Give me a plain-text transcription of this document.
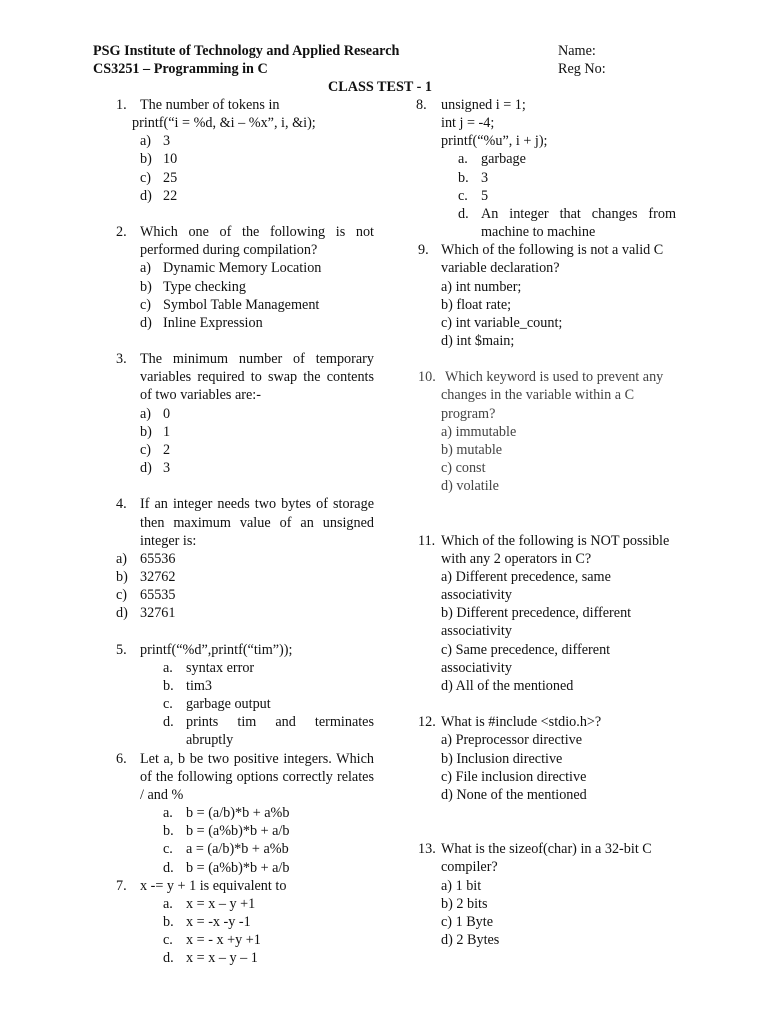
PSG Institute of Technology and Applied Research
CS3251 – Programming in C
Name:
Reg No:
CLASS TEST - 1
1. The number of tokens in
printf(“i = %d, &i – %x”, i, &i);
a) 3
b) 10
c) 25
d) 22
2. Which one of the following is not performed during compilation?
a) Dynamic Memory Location
b) Type checking
c) Symbol Table Management
d) Inline Expression
3. The minimum number of temporary variables required to swap the contents of two variables are:-
a) 0
b) 1
c) 2
d) 3
4. If an integer needs two bytes of storage then maximum value of an unsigned integer is:
a) 65536
b) 32762
c) 65535
d) 32761
5. printf(“%d”,printf(“tim”));
a. syntax error
b. tim3
c. garbage output
d. prints tim and terminates abruptly
6. Let a, b be two positive integers. Which of the following options correctly relates / and %
a. b = (a/b)*b + a%b
b. b = (a%b)*b + a/b
c. a = (a/b)*b + a%b
d. b = (a%b)*b + a/b
7. x -= y + 1 is equivalent to
a. x = x – y +1
b. x = -x -y -1
c. x = - x +y +1
d. x = x – y – 1
8.	unsigned i = 1;
int j = -4;
printf(“%u”, i + j);
a. garbage
b. 3
c. 5
d. An integer that changes from machine to machine
9. Which of the following is not a valid C variable declaration?
a) int number;
b) float rate;
c) int variable_count;
d) int $main;
10. Which keyword is used to prevent any changes in the variable within a C program?
a) immutable
b) mutable
c) const
d) volatile
11. Which of the following is NOT possible with any 2 operators in C?
a) Different precedence, same associativity
b) Different precedence, different associativity
c) Same precedence, different associativity
d) All of the mentioned
12. What is #include <stdio.h>?
a) Preprocessor directive
b) Inclusion directive
c) File inclusion directive
d) None of the mentioned
13. What is the sizeof(char) in a 32-bit C compiler?
a) 1 bit
b) 2 bits
c) 1 Byte
d) 2 Bytes
